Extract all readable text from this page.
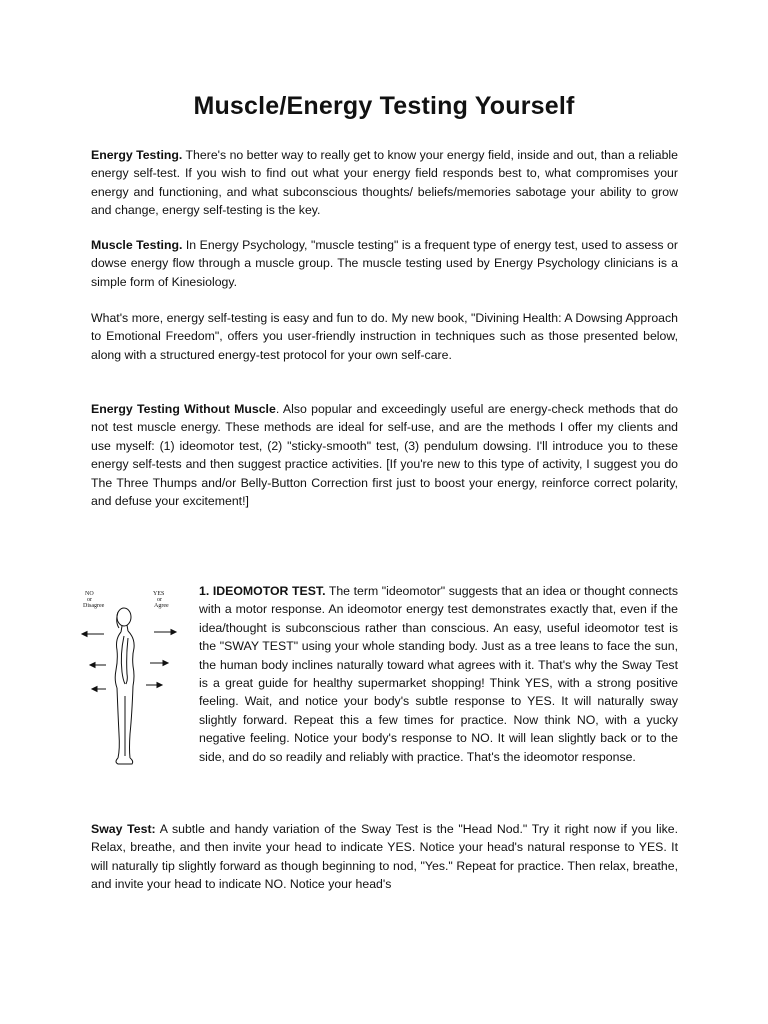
Muscle/Energy Testing Yourself

Energy Testing. There's no better way to really get to know your energy field, inside and out, than a reliable energy self-test. If you wish to find out what your energy field responds best to, what compromises your energy and functioning, and what subconscious thoughts/ beliefs/memories sabotage your ability to grow and change, energy self-testing is the key.

Muscle Testing. In Energy Psychology, "muscle testing" is a frequent type of energy test, used to assess or dowse energy flow through a muscle group. The muscle testing used by Energy Psychology clinicians is a simple form of Kinesiology.

What's more, energy self-testing is easy and fun to do. My new book, "Divining Health: A Dowsing Approach to Emotional Freedom", offers you user-friendly instruction in techniques such as those presented below, along with a structured energy-test protocol for your own self-care.

Energy Testing Without Muscle. Also popular and exceedingly useful are energy-check methods that do not test muscle energy. These methods are ideal for self-use, and are the methods I offer my clients and use myself: (1) ideomotor test, (2) "sticky-smooth" test, (3) pendulum dowsing. I'll introduce you to these energy self-tests and then suggest practice activities. [If you're new to this type of activity, I suggest you do The Three Thumps and/or Belly-Button Correction first just to boost your energy, reinforce correct polarity, and defuse your excitement!]

1. IDEOMOTOR TEST. The term "ideomotor" suggests that an idea or thought connects with a motor response. An ideomotor energy test demonstrates exactly that, even if the idea/thought is subconscious rather than conscious. An easy, useful ideomotor test is the "SWAY TEST" using your whole standing body. Just as a tree leans to face the sun, the human body inclines naturally toward what agrees with it. That's why the Sway Test is a great guide for healthy supermarket shopping! Think YES, with a strong positive feeling. Wait, and notice your body's subtle response to YES. It will naturally sway slightly forward. Repeat this a few times for practice. Now think NO, with a yucky negative feeling. Notice your body's response to NO. It will lean slightly back or to the side, and do so readily and reliably with practice. That's the ideomotor response.

NO
or
Disagree
YES
or
Agree

Sway Test: A subtle and handy variation of the Sway Test is the "Head Nod." Try it right now if you like. Relax, breathe, and then invite your head to indicate YES. Notice your head's natural response to YES. It will naturally tip slightly forward as though beginning to nod, "Yes." Repeat for practice. Then relax, breathe, and invite your head to indicate NO. Notice your head's
